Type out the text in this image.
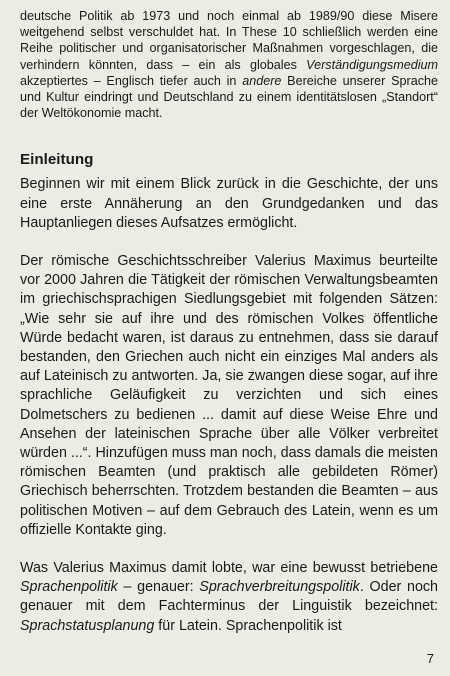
deutsche Politik ab 1973 und noch einmal ab 1989/90 diese Misere weitgehend selbst verschuldet hat. In These 10 schließlich werden eine Reihe politischer und organisatorischer Maßnahmen vorgeschlagen, die verhindern könnten, dass – ein als globales Verständigungsmedium akzeptiertes – Englisch tiefer auch in andere Bereiche unserer Sprache und Kultur eindringt und Deutschland zu einem identitätslosen „Standort“ der Weltökonomie macht.

Einleitung

Beginnen wir mit einem Blick zurück in die Geschichte, der uns eine erste Annäherung an den Grundgedanken und das Hauptanliegen dieses Aufsatzes ermöglicht.

Der römische Geschichtsschreiber Valerius Maximus beurteilte vor 2000 Jahren die Tätigkeit der römischen Verwaltungsbeamten im griechischsprachigen Siedlungsgebiet mit folgenden Sätzen: „Wie sehr sie auf ihre und des römischen Volkes öffentliche Würde bedacht waren, ist daraus zu entnehmen, dass sie darauf bestanden, den Griechen auch nicht ein einziges Mal anders als auf Lateinisch zu antworten. Ja, sie zwangen diese sogar, auf ihre sprachliche Geläufigkeit zu verzichten und sich eines Dolmetschers zu bedienen ... damit auf diese Weise Ehre und Ansehen der lateinischen Sprache über alle Völker verbreitet würden ...“. Hinzufügen muss man noch, dass damals die meisten römischen Beamten (und praktisch alle gebildeten Römer) Griechisch beherrschten. Trotzdem bestanden die Beamten – aus politischen Motiven – auf dem Gebrauch des Latein, wenn es um offizielle Kontakte ging.

Was Valerius Maximus damit lobte, war eine bewusst betriebene Sprachenpolitik – genauer: Sprachverbreitungspolitik. Oder noch genauer mit dem Fachterminus der Linguistik bezeichnet: Sprachstatusplanung für Latein. Sprachenpolitik ist

7
